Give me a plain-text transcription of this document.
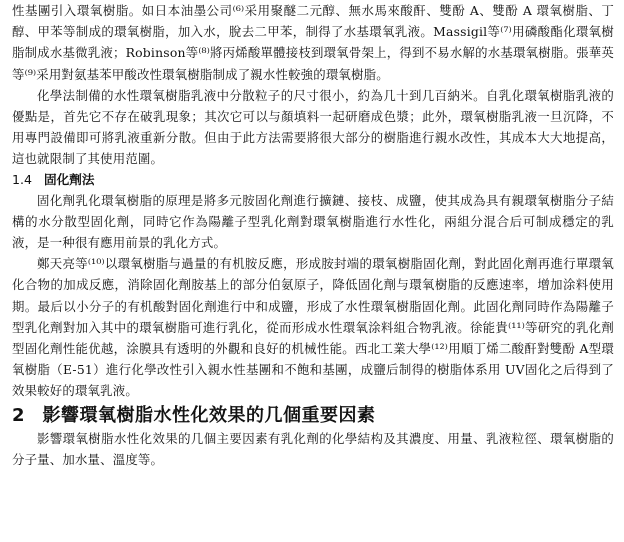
性基團引入環氧樹脂。如日本油墨公司⁽⁶⁾采用聚醚二元醇、無水馬來酸酐、雙酚 A、雙酚 A 環氧樹脂、丁醇、甲苯等制成的環氧樹脂，加入水，脫去二甲苯，制得了水基環氧乳液。Massigil等⁽⁷⁾用磷酸酯化環氧樹脂制成水基微乳液；Robinson等⁽⁸⁾將丙烯酸單體接枝到環氧骨架上，得到不易水解的水基環氧樹脂。張華英等⁽⁹⁾采用對氨基苯甲酸改性環氧樹脂制成了親水性較強的環氧樹脂。

化學法制備的水性環氧樹脂乳液中分散粒子的尺寸很小，約為几十到几百納米。自乳化環氧樹脂乳液的優點是，首先它不存在破乳現象；其次它可以与顏填料一起研磨成色漿；此外，環氧樹脂乳液一旦沉降，不用專門設備即可將乳液重新分散。但由于此方法需要將很大部分的樹脂進行親水改性，其成本大大地提高，這也就限制了其使用范圍。

1.4 固化劑法

固化劑乳化環氧樹脂的原理是將多元胺固化劑進行擴鏈、接枝、成鹽，使其成為具有親環氧樹脂分子結構的水分散型固化劑，同時它作為陽離子型乳化劑對環氧樹脂進行水性化，兩組分混合后可制成穩定的乳液，是一种很有應用前景的乳化方式。

鄭天亮等⁽¹⁰⁾以環氧樹脂与過量的有机胺反應，形成胺封端的環氧樹脂固化劑，對此固化劑再進行單環氧化合物的加成反應，消除固化劑胺基上的部分伯氨原子，降低固化劑与環氧樹脂的反應速率，增加涂料使用期。最后以小分子的有机酸對固化劑進行中和成鹽，形成了水性環氧樹脂固化劑。此固化劑同時作為陽離子型乳化劑對加入其中的環氧樹脂可進行乳化，從而形成水性環氧涂料組合物乳液。徐能貴⁽¹¹⁾等研究的乳化劑型固化劑性能优越，涂膜具有透明的外觀和良好的机械性能。西北工業大學⁽¹²⁾用順丁烯二酸酐對雙酚 A型環氧樹脂（E-51）進行化學改性引入親水性基團和不飽和基團，成鹽后制得的樹脂体系用 UV固化之后得到了效果較好的環氧乳液。

2 影響環氧樹脂水性化效果的几個重要因素

影響環氧樹脂水性化效果的几個主要因素有乳化劑的化學結构及其濃度、用量、乳液粒徑、環氧樹脂的分子量、加水量、溫度等。
